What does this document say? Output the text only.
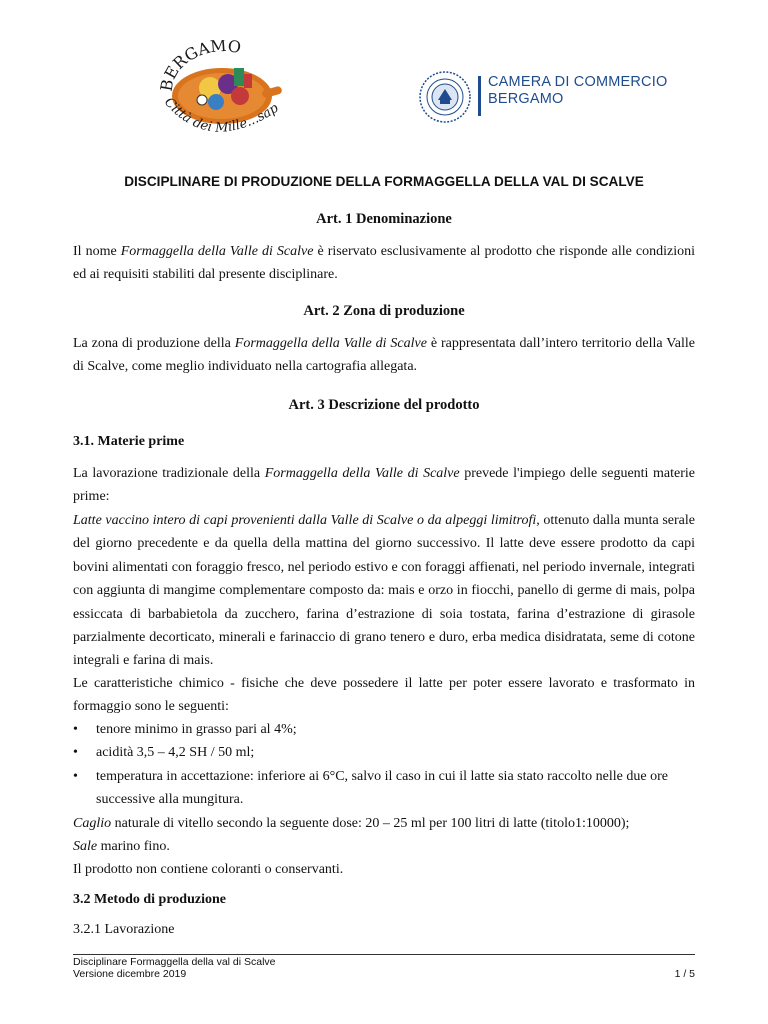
BERGAMO
Città dei Mille...sap
CAMERA DI COMMERCIO
BERGAMO
DISCIPLINARE DI PRODUZIONE DELLA FORMAGGELLA DELLA VAL DI SCALVE
Art. 1 Denominazione
Il nome Formaggella della Valle di Scalve è riservato esclusivamente al prodotto che risponde alle condizioni ed ai requisiti stabiliti dal presente disciplinare.
Art. 2 Zona di produzione
La zona di produzione della Formaggella della Valle di Scalve è rappresentata dall’intero territorio della Valle di Scalve, come meglio individuato nella cartografia allegata.
Art. 3 Descrizione del prodotto
3.1. Materie prime
La lavorazione tradizionale della Formaggella della Valle di Scalve prevede l'impiego delle seguenti materie prime:
Latte vaccino intero di capi provenienti dalla Valle di Scalve o da alpeggi limitrofi, ottenuto dalla munta serale del giorno precedente e da quella della mattina del giorno successivo. Il latte deve essere prodotto da capi bovini alimentati con foraggio fresco, nel periodo estivo e con foraggi affienati, nel periodo invernale, integrati con aggiunta di mangime complementare composto da: mais e orzo in fiocchi, panello di germe di mais, polpa essiccata di barbabietola da zucchero, farina d’estrazione di soia tostata, farina d’estrazione di girasole parzialmente decorticato, minerali e farinaccio di grano tenero e duro, erba medica disidratata, seme di cotone integrali e farina di mais.
Le caratteristiche chimico - fisiche che deve possedere il latte per poter essere lavorato e trasformato in formaggio sono le seguenti:
• tenore minimo in grasso pari al 4%;
• acidità 3,5 – 4,2 SH / 50 ml;
• temperatura in accettazione: inferiore ai 6°C, salvo il caso in cui il latte sia stato raccolto nelle due ore successive alla mungitura.
Caglio naturale di vitello secondo la seguente dose: 20 – 25 ml per 100 litri di latte (titolo1:10000);
Sale marino fino.
Il prodotto non contiene coloranti o conservanti.
3.2 Metodo di produzione
3.2.1 Lavorazione
Disciplinare Formaggella della val di Scalve
Versione dicembre 2019	1 / 5
